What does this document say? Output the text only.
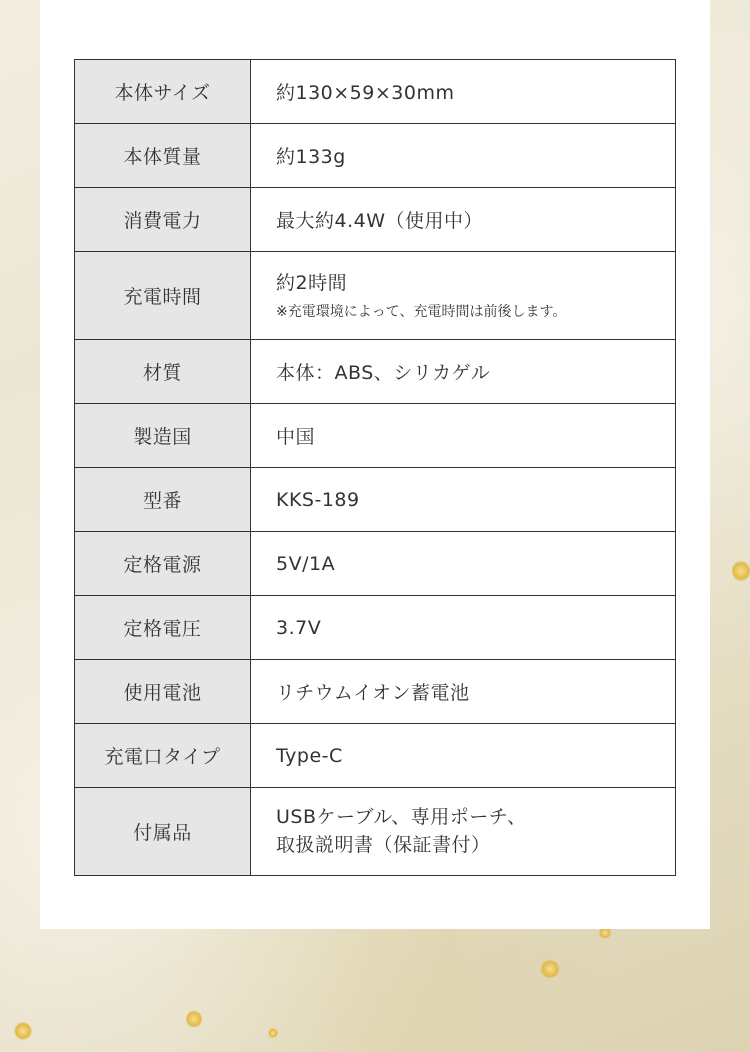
本体サイズ	約130×59×30mm
本体質量	約133g
消費電力	最大約4.4W（使用中）
充電時間	約2時間
※充電環境によって、充電時間は前後します。

材質	本体：ABS、シリカゲル
製造国	中国
型番	KKS-189
定格電源	5V/1A
定格電圧	3.7V
使用電池	リチウムイオン蓄電池
充電口タイプ	Type-C
付属品	USBケーブル、専用ポーチ、
取扱説明書（保証書付）
